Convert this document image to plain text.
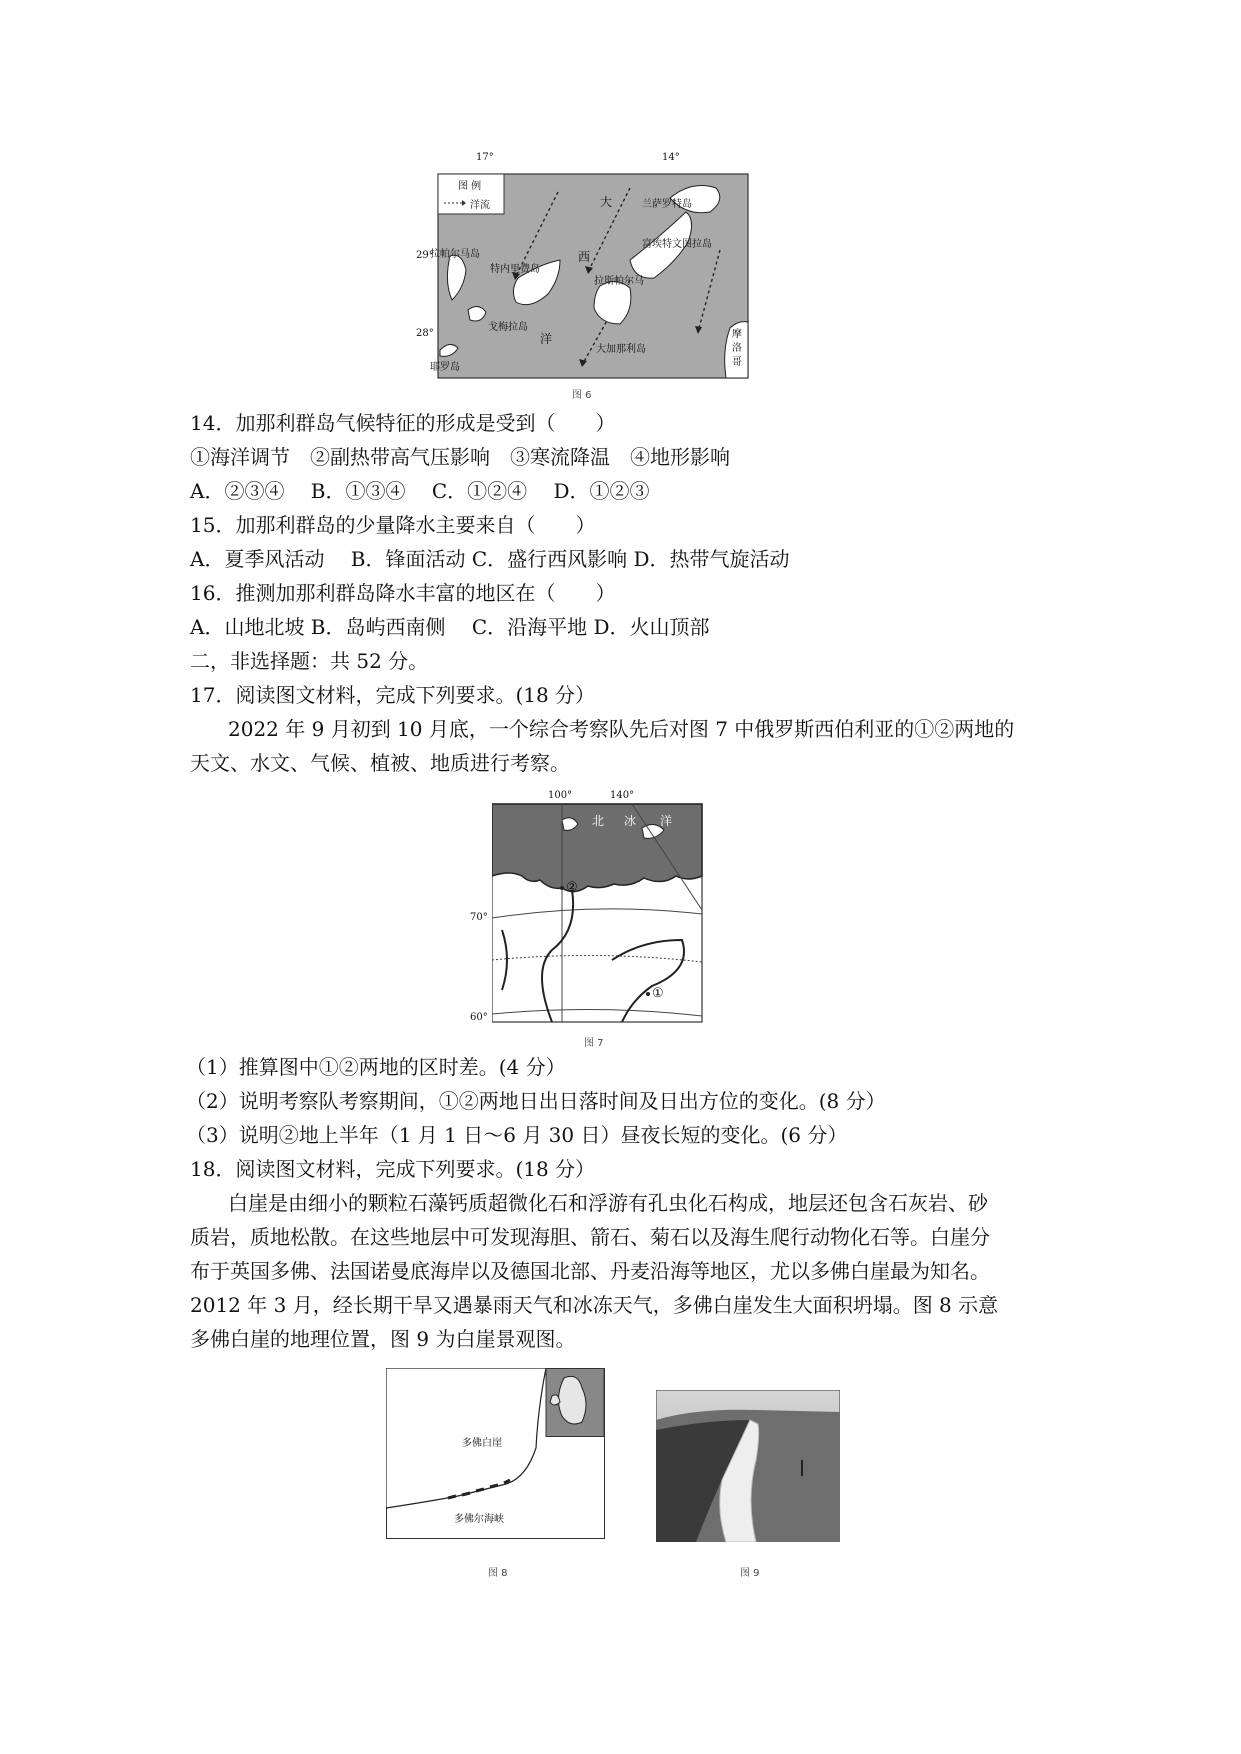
17°	14°
29°
28°
图 例
洋流	大
西
洋
兰萨罗特岛
富埃特文图拉岛
拉帕尔马岛
特内里费岛
拉斯帕尔马
戈梅拉岛
大加那利岛
耶罗岛
摩洛哥
图 6
14．加那利群岛气候特征的形成是受到（　　）
①海洋调节　②副热带高气压影响　③寒流降温　④地形影响
A．②③④　 B．①③④　 C．①②④　 D．①②③
15．加那利群岛的少量降水主要来自（　　）
A．夏季风活动　 B．锋面活动 C．盛行西风影响 D．热带气旋活动
16．推测加那利群岛降水丰富的地区在（　　）
A．山地北坡 B．岛屿西南侧　 C．沿海平地 D．火山顶部
二，非选择题：共 52 分。
17．阅读图文材料，完成下列要求。(18 分）
2022 年 9 月初到 10 月底，一个综合考察队先后对图 7 中俄罗斯西伯利亚的①②两地的
天文、水文、气候、植被、地质进行考察。
100°	140°
70°
60°
北 冰 洋
②
①
图 7
（1）推算图中①②两地的区时差。(4 分）
（2）说明考察队考察期间，①②两地日出日落时间及日出方位的变化。(8 分）
（3）说明②地上半年（1 月 1 日～6 月 30 日）昼夜长短的变化。(6 分）
18．阅读图文材料，完成下列要求。(18 分）
白崖是由细小的颗粒石藻钙质超微化石和浮游有孔虫化石构成，地层还包含石灰岩、砂
质岩，质地松散。在这些地层中可发现海胆、箭石、菊石以及海生爬行动物化石等。白崖分
布于英国多佛、法国诺曼底海岸以及德国北部、丹麦沿海等地区，尤以多佛白崖最为知名。
2012 年 3 月，经长期干旱又遇暴雨天气和冰冻天气，多佛白崖发生大面积坍塌。图 8 示意
多佛白崖的地理位置，图 9 为白崖景观图。
多佛白崖
多佛尔海峡
图 8	图 9
